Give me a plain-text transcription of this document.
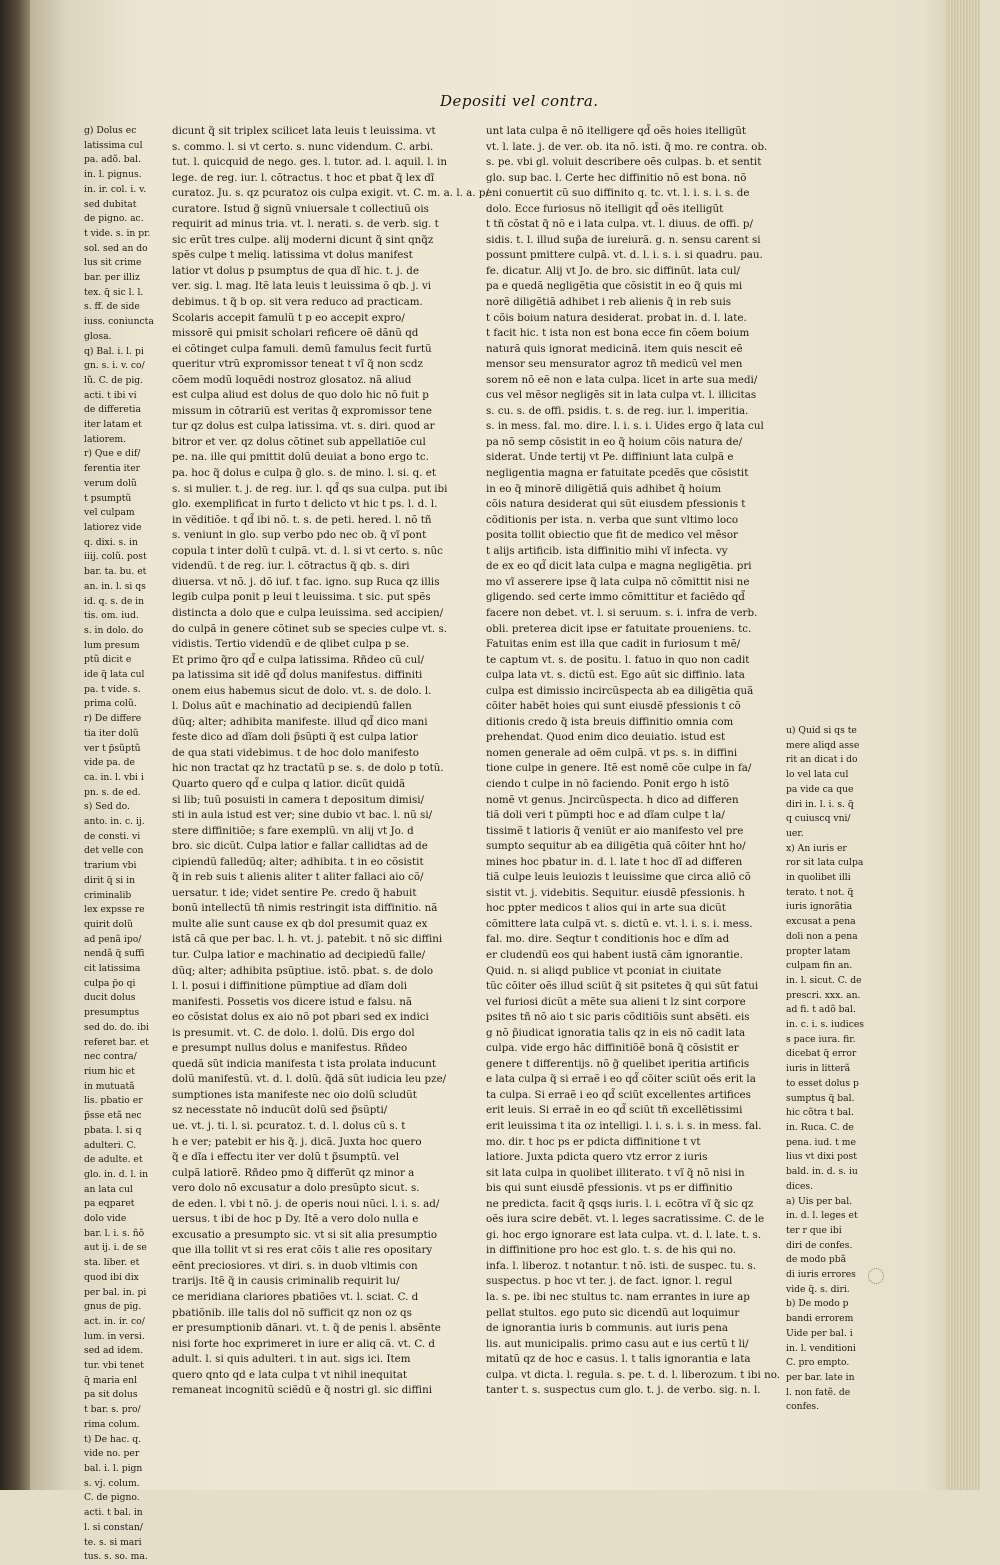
Depositi vel contra.

g) Dolus ec

latissima cul

pa. adõ. bal.

in. l. pignus.

in. ir. col. i. v.

sed dubitat

de pigno. ac.

t vide. s. in pr.

sol. sed an do

lus sit crime

bar. per illiz

tex. q̃ sic l. l.

s. ff. de side

iuss. coniuncta

glosa.

q) Bal. i. l. pi

gn. s. i. v. co/

lũ. C. de pig.

acti. t ibi vi

de differetia

iter latam et

latiorem.

r) Que e dif/

ferentia iter

verum dolũ

t psumptũ

vel culpam

latiorez vide

q. dixi. s. in

iiij. colũ. post

bar. ta. bu. et

an. in. l. si qs

id. q. s. de in

tis. om. iud.

s. in dolo. do

lum presum

ptũ dicit e

ide q̃ lata cul

pa. t vide. s.

prima colũ.

r) De differe

tia iter dolũ

ver t p̃sũptũ

vide pa. de

ca. in. l. vbi i

pn. s. de ed.

s) Sed do.

anto. in. c. ij.

de consti. vi

det velle con

trarium vbi

dirit q̃ si in

criminalib

lex expsse re

quirit dolũ

ad penã ipo/

nendã q̃ suffi

cit latissima

culpa p̃o qi

ducit dolus

presumptus

sed do. do. ibi

referet bar. et

nec contra/

rium hic et

in mutuatã

lis. pbatio er

p̃sse etã nec

pbata. l. si q

adulteri. C.

de adulte. et

glo. in. d. l. in

an lata cul

pa eqparet

dolo vide

bar. l. i. s. ñõ

aut ij. i. de se

sta. liber. et

quod ibi dix

per bal. in. pi

gnus de pig.

act. in. ir. co/

lum. in versi.

sed ad idem.

tur. vbi tenet

q̃ maria enl

pa sit dolus

t bar. s. pro/

rima colum.

t) De hac. q.

vide no. per

bal. i. l. pign

s. vj. colum.

C. de pigno.

acti. t bal. in

l. si constan/

te. s. si mari

tus. s. so. ma.

dicunt q̃ sit triplex scilicet lata leuis t leuissima. vt

s. commo. l. si vt certo. s. nunc videndum. C. arbi.

tut. l. quicquid de nego. ges. l. tutor. ad. l. aquil. l. in

lege. de reg. iur. l. cõtractus. t hoc et pbat q̃ lex dĩ

curatoz. Ju. s. qz pcuratoz ois culpa exigit. vt. C. m. a. l. a. p/

curatore. Istud g̃ signũ vniuersale t collectiuũ ois

requirit ad minus tria. vt. l. nerati. s. de verb. sig. t

sic erũt tres culpe. alij moderni dicunt q̃ sint qnq̃z

spẽs culpe t meliq. latissima vt dolus manifest

latior vt dolus p psumptus de qua dĩ hic. t. j. de

ver. sig. l. mag. Itẽ lata leuis t leuissima õ qb. j. vi

debimus. t q̃ b op. sit vera reduco ad practicam.

Scolaris accepit famulũ t p eo accepit expro/

missorẽ qui pmisit scholari reficere oẽ dãnũ qd

ei cõtinget culpa famuli. demũ famulus fecit furtũ

queritur vtrũ expromissor teneat t vĩ q̃ non scdz

cõem modũ loquẽdi nostroz glosatoz. nã aliud

est culpa aliud est dolus de quo dolo hic nõ fuit p

missum in cõtrariũ est veritas q̃ expromissor tene

tur qz dolus est culpa latissima. vt. s. diri. quod ar

bitror et ver. qz dolus cõtinet sub appellatiõe cul

pe. na. ille qui pmittit dolũ deuiat a bono ergo tc.

pa. hoc q̃ dolus e culpa g̃ glo. s. de mino. l. si. q. et

s. si mulier. t. j. de reg. iur. l. qd̃ qs sua culpa. put ibi

glo. exemplificat in furto t delicto vt hic t ps. l. d. l.

in vẽditiõe. t qd̃ ibi nõ. t. s. de peti. hered. l. nõ tñ

s. veniunt in glo. sup verbo pdo nec ob. q̃ vĩ pont

copula t inter dolũ t culpã. vt. d. l. si vt certo. s. nũc

videndũ. t de reg. iur. l. cõtractus q̃ qb. s. diri

diuersa. vt nõ. j. dõ iuf. t fac. igno. sup Ruca qz illis

legib culpa ponit p leui t leuissima. t sic. put spẽs

distincta a dolo que e culpa leuissima. sed accipien/

do culpã in genere cõtinet sub se species culpe vt. s.

vidistis. Tertio videndũ e de qlibet culpa p se.

Et primo q̃ro qd̃ e culpa latissima. Rñdeo cũ cul/

pa latissima sit idẽ qd̃ dolus manifestus. diffiniti

onem eius habemus sicut de dolo. vt. s. de dolo. l.

l. Dolus aũt e machinatio ad decipiendũ fallen

dũq; alter; adhibita manifeste. illud qd̃ dico mani

feste dico ad dĩam doli p̃sũpti q̃ est culpa latior

de qua stati videbimus. t de hoc dolo manifesto

hic non tractat qz hz tractatũ p se. s. de dolo p totũ.

Quarto quero qd̃ e culpa q latior. dicũt quidã

si lib; tuũ posuisti in camera t depositum dimisi/

sti in aula istud est ver; sine dubio vt bac. l. nũ si/

stere diffinitiõe; s fare exemplũ. vn alij vt Jo. d

bro. sic dicũt. Culpa latior e fallar callidtas ad de

cipiendũ falledũq; alter; adhibita. t in eo cõsistit

q̃ in reb suis t alienis aliter t aliter fallaci aio cõ/

uersatur. t ide; videt sentire Pe. credo q̃ habuit

bonũ intellectũ tñ nimis restringit ista diffinitio. nã

multe alie sunt cause ex qb dol presumit quaz ex

istã cã que per bac. l. h. vt. j. patebit. t nõ sic diffini

tur. Culpa latior e machinatio ad decipiedũ falle/

dũq; alter; adhibita psũptiue. istõ. pbat. s. de dolo

l. l. posui i diffinitione pũmptiue ad dĩam doli

manifesti. Possetis vos dicere istud e falsu. nã

eo cõsistat dolus ex aio nõ pot pbari sed ex indici

is presumit. vt. C. de dolo. l. dolũ. Dis ergo dol

e presumpt nullus dolus e manifestus. Rñdeo

quedã sũt indicia manifesta t ista prolata inducunt

dolũ manifestũ. vt. d. l. dolũ. q̃dã sũt iudicia leu pze/

sumptiones ista manifeste nec oio dolũ scludũt

sz necesstate nõ inducũt dolũ sed p̃sũpti/

ue. vt. j. ti. l. si. pcuratoz. t. d. l. dolus cũ s. t

h e ver; patebit er his q̃. j. dicã. Juxta hoc quero

q̃ e dĩa i effectu iter ver dolũ t p̃sumptũ. vel

culpã latiorẽ. Rñdeo pmo q̃ differũt qz minor a

vero dolo nõ excusatur a dolo presũpto sicut. s.

de eden. l. vbi t nõ. j. de operis noui nũci. l. i. s. ad/

uersus. t ibi de hoc p Dy. Itẽ a vero dolo nulla e

excusatio a presumpto sic. vt si sit alia presumptio

que illa tollit vt si res erat cõis t alie res opositary

eẽnt preciosiores. vt diri. s. in duob vltimis con

trarijs. Itẽ q̃ in causis criminalib requirit lu/

ce meridiana clariores pbatiões vt. l. sciat. C. d

pbatiõnib. ille talis dol nõ sufficit qz non oz qs

er presumptionib dãnari. vt. t. q̃ de penis l. absẽnte

nisi forte hoc exprimeret in iure er aliq cã. vt. C. d

adult. l. si quis adulteri. t in aut. sigs ici. Item

quero qnto qd e lata culpa t vt nihil inequitat

remaneat incognitũ sciẽdũ e q̃ nostri gl. sic diffini

unt lata culpa ẽ nõ itelligere qd̃ oẽs hoies itelligũt

vt. l. late. j. de ver. ob. ita nõ. isti. q̃ mo. re contra. ob.

s. pe. vbi gl. voluit describere oẽs culpas. b. et sentit

glo. sup bac. l. Certe hec diffinitio nõ est bona. nõ

eni conuertit cũ suo diffinito q. tc. vt. l. i. s. i. s. de

dolo. Ecce furiosus nõ itelligit qd̃ oẽs itelligũt

t tñ cõstat q̃ nõ e i lata culpa. vt. l. diuus. de offi. p/

sidis. t. l. illud sup̃a de iureiurã. g. n. sensu carent si

possunt pmittere culpã. vt. d. l. i. s. i. si quadru. pau.

fe. dicatur. Alij vt Jo. de bro. sic diffinũt. lata cul/

pa e quedã negligẽtia que cõsistit in eo q̃ quis mi

norẽ diligẽtiã adhibet i reb alienis q̃ in reb suis

t cõis boium natura desiderat. probat in. d. l. late.

t facit hic. t ista non est bona ecce fin cõem boium

naturã quis ignorat medicinã. item quis nescit eẽ

mensor seu mensurator agroz tñ medicũ vel men

sorem nõ eẽ non e lata culpa. licet in arte sua medi/

cus vel mẽsor negligẽs sit in lata culpa vt. l. illicitas

s. cu. s. de offi. psidis. t. s. de reg. iur. l. imperitia.

s. in mess. fal. mo. dire. l. i. s. i. Uides ergo q̃ lata cul

pa nõ semp cõsistit in eo q̃ hoium cõis natura de/

siderat. Unde tertij vt Pe. diffiniunt lata culpã e

negligentia magna er fatuitate pcedẽs que cõsistit

in eo q̃ minorẽ diligẽtiã quis adhibet q̃ hoium

cõis natura desiderat qui sũt eiusdem pfessionis t

cõditionis per ista. n. verba que sunt vltimo loco

posita tollit obiectio que fit de medico vel mẽsor

t alijs artificib. ista diffinitio mihi vĩ infecta. vy

de ex eo qd̃ dicit lata culpa e magna negligẽtia. pri

mo vĩ asserere ipse q̃ lata culpa nõ cõmittit nisi ne

gligendo. sed certe immo cõmittitur et faciẽdo qd̃

facere non debet. vt. l. si seruum. s. i. infra de verb.

obli. preterea dicit ipse er fatuitate proueniens. tc.

Fatuitas enim est illa que cadit in furiosum t mẽ/

te captum vt. s. de positu. l. fatuo in quo non cadit

culpa lata vt. s. dictũ est. Ego aũt sic diffinio. lata

culpa est dimissio incircũspecta ab ea diligẽtia quã

cõiter habẽt hoies qui sunt eiusdẽ pfessionis t cõ

ditionis credo q̃ ista breuis diffinitio omnia com

prehendat. Quod enim dico deuiatio. istud est

nomen generale ad oẽm culpã. vt ps. s. in diffini

tione culpe in genere. Itẽ est nomẽ cõe culpe in fa/

ciendo t culpe in nõ faciendo. Ponit ergo h istõ

nomẽ vt genus. Jncircũspecta. h dico ad differen

tiã doli veri t pũmpti hoc e ad dĩam culpe t la/

tissimẽ t latioris q̃ veniũt er aio manifesto vel pre

sumpto sequitur ab ea diligẽtia quã cõiter hnt ho/

mines hoc pbatur in. d. l. late t hoc dĩ ad differen

tiã culpe leuis leuiozis t leuissime que circa aliõ cõ

sistit vt. j. videbitis. Sequitur. eiusdẽ pfessionis. h

hoc ppter medicos t alios qui in arte sua dicũt

cõmittere lata culpã vt. s. dictũ e. vt. l. i. s. i. mess.

fal. mo. dire. Seqtur t conditionis hoc e dĩm ad

er cludendũ eos qui habent iustã cãm ignorantie.

Quid. n. si aliqd publice vt pconiat in ciuitate

tũc cõiter oẽs illud sciũt q̃ sit psitetes q̃ qui sũt fatui

vel furiosi dicũt a mẽte sua alieni t lz sint corpore

psites tñ nõ aio t sic paris cõditiõis sunt absẽti. eis

g nõ p̃iudicat ignoratia talis qz in eis nõ cadit lata

culpa. vide ergo hãc diffinitiõẽ bonã q̃ cõsistit er

genere t differentijs. nõ g̃ quelibet iperitia artificis

e lata culpa q̃ si erraẽ i eo qd̃ cõiter sciũt oẽs erit la

ta culpa. Si erraẽ i eo qd̃ sciũt excellentes artifices

erit leuis. Si erraẽ in eo qd̃ sciũt tñ excellẽtissimi

erit leuissima t ita oz intelligi. l. i. s. i. s. in mess. fal.

mo. dir. t hoc ps er pdicta diffinitione t vt

latiore. Juxta pdicta quero vtz error z iuris

sit lata culpa in quolibet illiterato. t vĩ q̃ nõ nisi in

bis qui sunt eiusdẽ pfessionis. vt ps er diffinitio

ne predicta. facit q̃ qsqs iuris. l. i. ecõtra vĩ q̃ sic qz

oẽs iura scire debẽt. vt. l. leges sacratissime. C. de le

gi. hoc ergo ignorare est lata culpa. vt. d. l. late. t. s.

in diffinitione pro hoc est glo. t. s. de his qui no.

infa. l. liberoz. t notantur. t nõ. isti. de suspec. tu. s.

suspectus. p hoc vt ter. j. de fact. ignor. l. regul

la. s. pe. ibi nec stultus tc. nam errantes in iure ap

pellat stultos. ego puto sic dicendũ aut loquimur

de ignorantia iuris b communis. aut iuris pena

lis. aut municipalis. primo casu aut e ius certũ t li/

mitatũ qz de hoc e casus. l. t talis ignorantia e lata

culpa. vt dicta. l. regula. s. pe. t. d. l. liberozum. t ibi no.

tanter t. s. suspectus cum glo. t. j. de verbo. sig. n. l.

u) Quid si qs te

mere aliqd asse

rit an dicat i do

lo vel lata cul

pa vide ca que

diri in. l. i. s. q̃

q cuiuscq vni/

uer.

x) An iuris er

ror sit lata culpa

in quolibet illi

terato. t not. q̃

iuris ignorãtia

excusat a pena

doli non a pena

propter latam

culpam fin an.

in. l. sicut. C. de

prescri. xxx. an.

ad fi. t adõ bal.

in. c. i. s. iudices

s pace iura. fir.

dicebat q̃ error

iuris in litterã

to esset dolus p

sumptus q̃ bal.

hic cõtra t bal.

in. Ruca. C. de

pena. iud. t me

lius vt dixi post

bald. in. d. s. iu

dices.

a) Uis per bal.

in. d. l. leges et

ter r que ibi

diri de confes.

de modo pbã

di iuris errores

vide q̃. s. diri.

b) De modo p

bandi errorem

Uide per bal. i

in. l. venditioni

C. pro empto.

per bar. late in

l. non fatẽ. de

confes.
